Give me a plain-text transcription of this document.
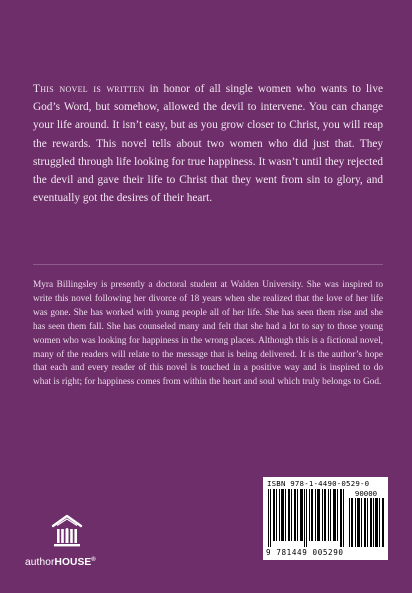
This novel is written in honor of all single women who wants to live God’s Word, but somehow, allowed the devil to intervene. You can change your life around. It isn’t easy, but as you grow closer to Christ, you will reap the rewards. This novel tells about two women who did just that. They struggled through life looking for true happiness. It wasn’t until they rejected the devil and gave their life to Christ that they went from sin to glory, and eventually got the desires of their heart.

Myra Billingsley is presently a doctoral student at Walden University. She was inspired to write this novel following her divorce of 18 years when she realized that the love of her life was gone. She has worked with young people all of her life. She has seen them rise and she has seen them fall. She has counseled many and felt that she had a lot to say to those young women who was looking for happiness in the wrong places. Although this is a fictional novel, many of the readers will relate to the message that is being delivered. It is the author’s hope that each and every reader of this novel is touched in a positive way and is inspired to do what is right; for happiness comes from within the heart and soul which truly belongs to God.

ISBN 978-1-4490-0529-0
90000
9 781449 005290
authorHOUSE®
